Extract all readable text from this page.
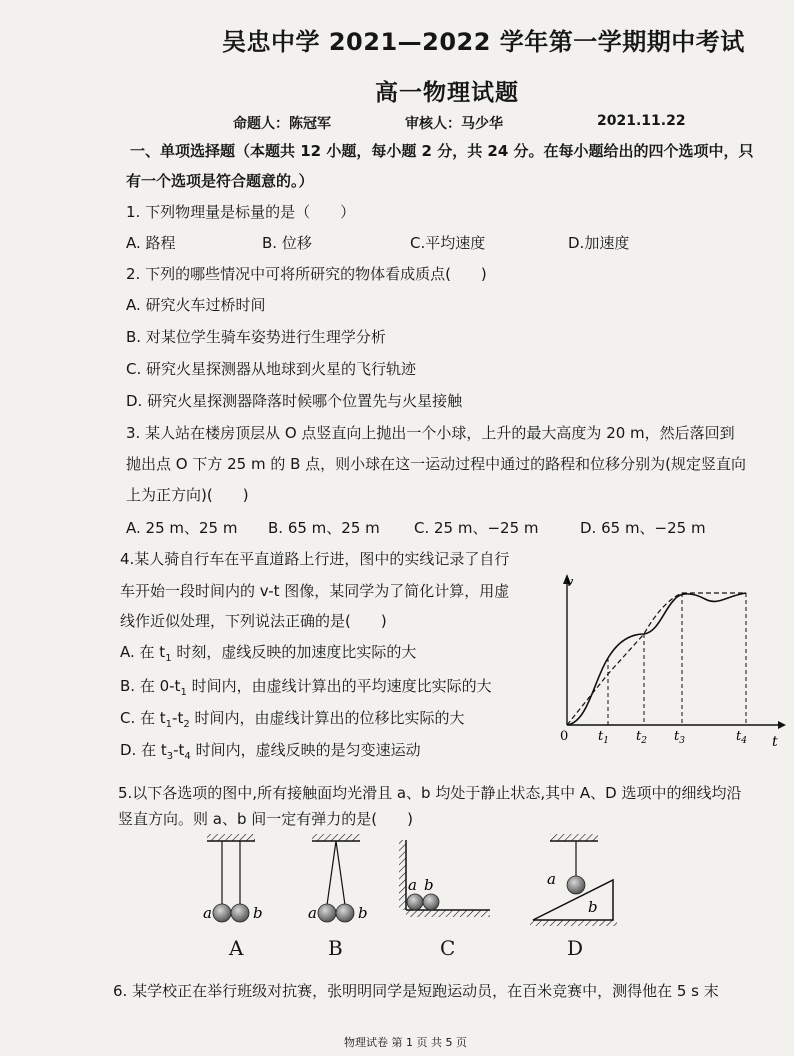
吴忠中学 2021—2022 学年第一学期期中考试
高一物理试题
命题人：陈冠军	审核人：马少华	2021.11.22
一、单项选择题（本题共 12 小题，每小题 2 分，共 24 分。在每小题给出的四个选项中，只
有一个选项是符合题意的。）
1. 下列物理量是标量的是（　　）
A. 路程	B. 位移	C.平均速度	D.加速度
2. 下列的哪些情况中可将所研究的物体看成质点(　　)
A. 研究火车过桥时间
B. 对某位学生骑车姿势进行生理学分析
C. 研究火星探测器从地球到火星的飞行轨迹
D. 研究火星探测器降落时候哪个位置先与火星接触
3. 某人站在楼房顶层从 O 点竖直向上抛出一个小球，上升的最大高度为 20 m，然后落回到
抛出点 O 下方 25 m 的 B 点，则小球在这一运动过程中通过的路程和位移分别为(规定竖直向
上为正方向)(　　)
A. 25 m、25 m B. 65 m、25 m C. 25 m、−25 m	D. 65 m、−25 m
4.某人骑自行车在平直道路上行进，图中的实线记录了自行
车开始一段时间内的 v-t 图像，某同学为了简化计算，用虚
线作近似处理，下列说法正确的是(　　)
A. 在 $t_1$ 时刻，虚线反映的加速度比实际的大
B. 在 $0-t_1$ 时间内，由虚线计算出的平均速度比实际的大
C. 在 $t_1-t_2$ 时间内，由虚线计算出的位移比实际的大
D. 在 $t_3-t_4$ 时间内，虚线反映的是匀变速运动
v
t
0 $t_1$ $t_2$ $t_3$	$t_4$
5.以下各选项的图中,所有接触面均光滑且 a、b 均处于静止状态,其中 A、D 选项中的细线均沿
竖直方向。则 a、b 间一定有弹力的是(　　)
a	b	a	b
a b	a
b
A	B	C	D
6. 某学校正在举行班级对抗赛，张明明同学是短跑运动员，在百米竞赛中，测得他在 5 s 末
物理试卷 第 1 页 共 5 页
